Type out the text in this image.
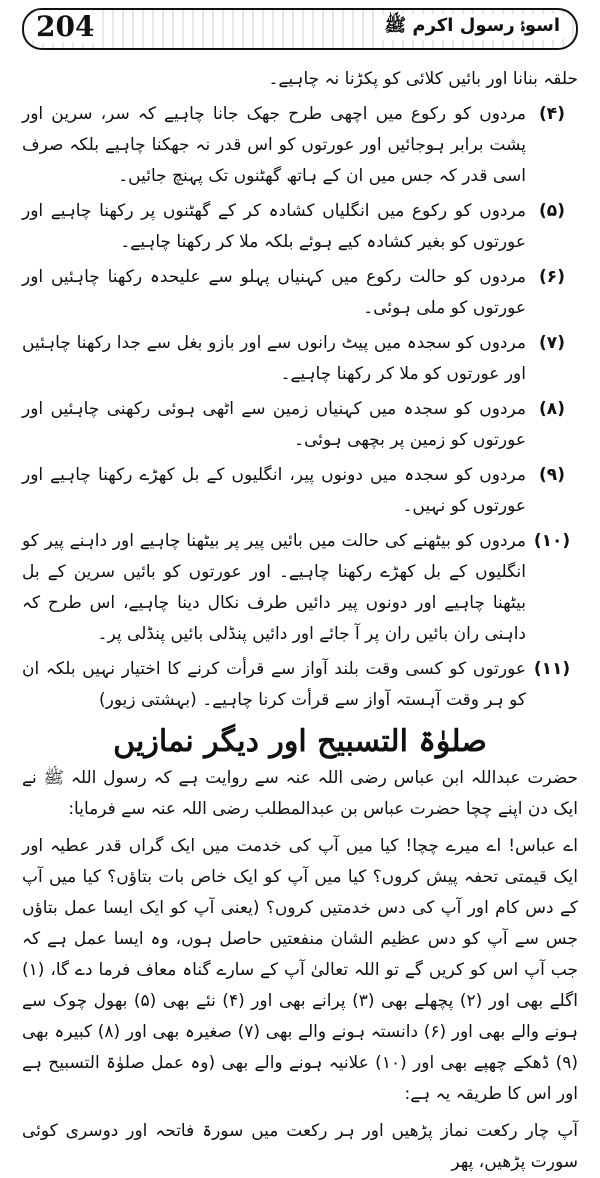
204	اسوۂ رسول اکرم ﷺ
حلقہ بنانا اور بائیں کلائی کو پکڑنا نہ چاہیے۔
(۴)
مردوں کو رکوع میں اچھی طرح جھک جانا چاہیے کہ سر، سرین اور پشت برابر ہوجائیں اور عورتوں کو اس قدر نہ جھکنا چاہیے بلکہ صرف اسی قدر کہ جس میں ان کے ہاتھ گھٹنوں تک پہنچ جائیں۔
(۵)
مردوں کو رکوع میں انگلیاں کشادہ کر کے گھٹنوں پر رکھنا چاہیے اور عورتوں کو بغیر کشادہ کیے ہوئے بلکہ ملا کر رکھنا چاہیے۔
(۶)
مردوں کو حالت رکوع میں کہنیاں پہلو سے علیحدہ رکھنا چاہئیں اور عورتوں کو ملی ہوئی۔
(۷)
مردوں کو سجدہ میں پیٹ رانوں سے اور بازو بغل سے جدا رکھنا چاہئیں اور عورتوں کو ملا کر رکھنا چاہیے۔
(۸)
مردوں کو سجدہ میں کہنیاں زمین سے اٹھی ہوئی رکھنی چاہئیں اور عورتوں کو زمین پر بچھی ہوئی۔
(۹)
مردوں کو سجدہ میں دونوں پیر، انگلیوں کے بل کھڑے رکھنا چاہیے اور عورتوں کو نہیں۔
(۱۰)
مردوں کو بیٹھنے کی حالت میں بائیں پیر پر بیٹھنا چاہیے اور داہنے پیر کو انگلیوں کے بل کھڑے رکھنا چاہیے۔ اور عورتوں کو بائیں سرین کے بل بیٹھنا چاہیے اور دونوں پیر دائیں طرف نکال دینا چاہیے، اس طرح کہ داہنی ران بائیں ران پر آ جائے اور دائیں پنڈلی بائیں پنڈلی پر۔
(۱۱)
عورتوں کو کسی وقت بلند آواز سے قرأت کرنے کا اختیار نہیں بلکہ ان کو ہر وقت آہستہ آواز سے قرأت کرنا چاہیے۔ (بہشتی زیور)
صلوٰۃ التسبیح اور دیگر نمازیں

حضرت عبداللہ ابن عباس رضی اللہ عنہ سے روایت ہے کہ رسول اللہ ﷺ نے ایک دن اپنے چچا حضرت عباس بن عبدالمطلب رضی اللہ عنہ سے فرمایا:

اے عباس! اے میرے چچا! کیا میں آپ کی خدمت میں ایک گراں قدر عطیہ اور ایک قیمتی تحفہ پیش کروں؟ کیا میں آپ کو ایک خاص بات بتاؤں؟ کیا میں آپ کے دس کام اور آپ کی دس خدمتیں کروں؟ (یعنی آپ کو ایک ایسا عمل بتاؤں جس سے آپ کو دس عظیم الشان منفعتیں حاصل ہوں، وہ ایسا عمل ہے کہ جب آپ اس کو کریں گے تو اللہ تعالیٰ آپ کے سارے گناہ معاف فرما دے گا، (۱) اگلے بھی اور (۲) پچھلے بھی (۳) پرانے بھی اور (۴) نئے بھی (۵) بھول چوک سے ہونے والے بھی اور (۶) دانستہ ہونے والے بھی (۷) صغیرہ بھی اور (۸) کبیرہ بھی (۹) ڈھکے چھپے بھی اور (۱۰) علانیہ ہونے والے بھی (وہ عمل صلوٰۃ التسبیح ہے اور اس کا طریقہ یہ ہے:

آپ چار رکعت نماز پڑھیں اور ہر رکعت میں سورۃ فاتحہ اور دوسری کوئی سورت پڑھیں، پھر
